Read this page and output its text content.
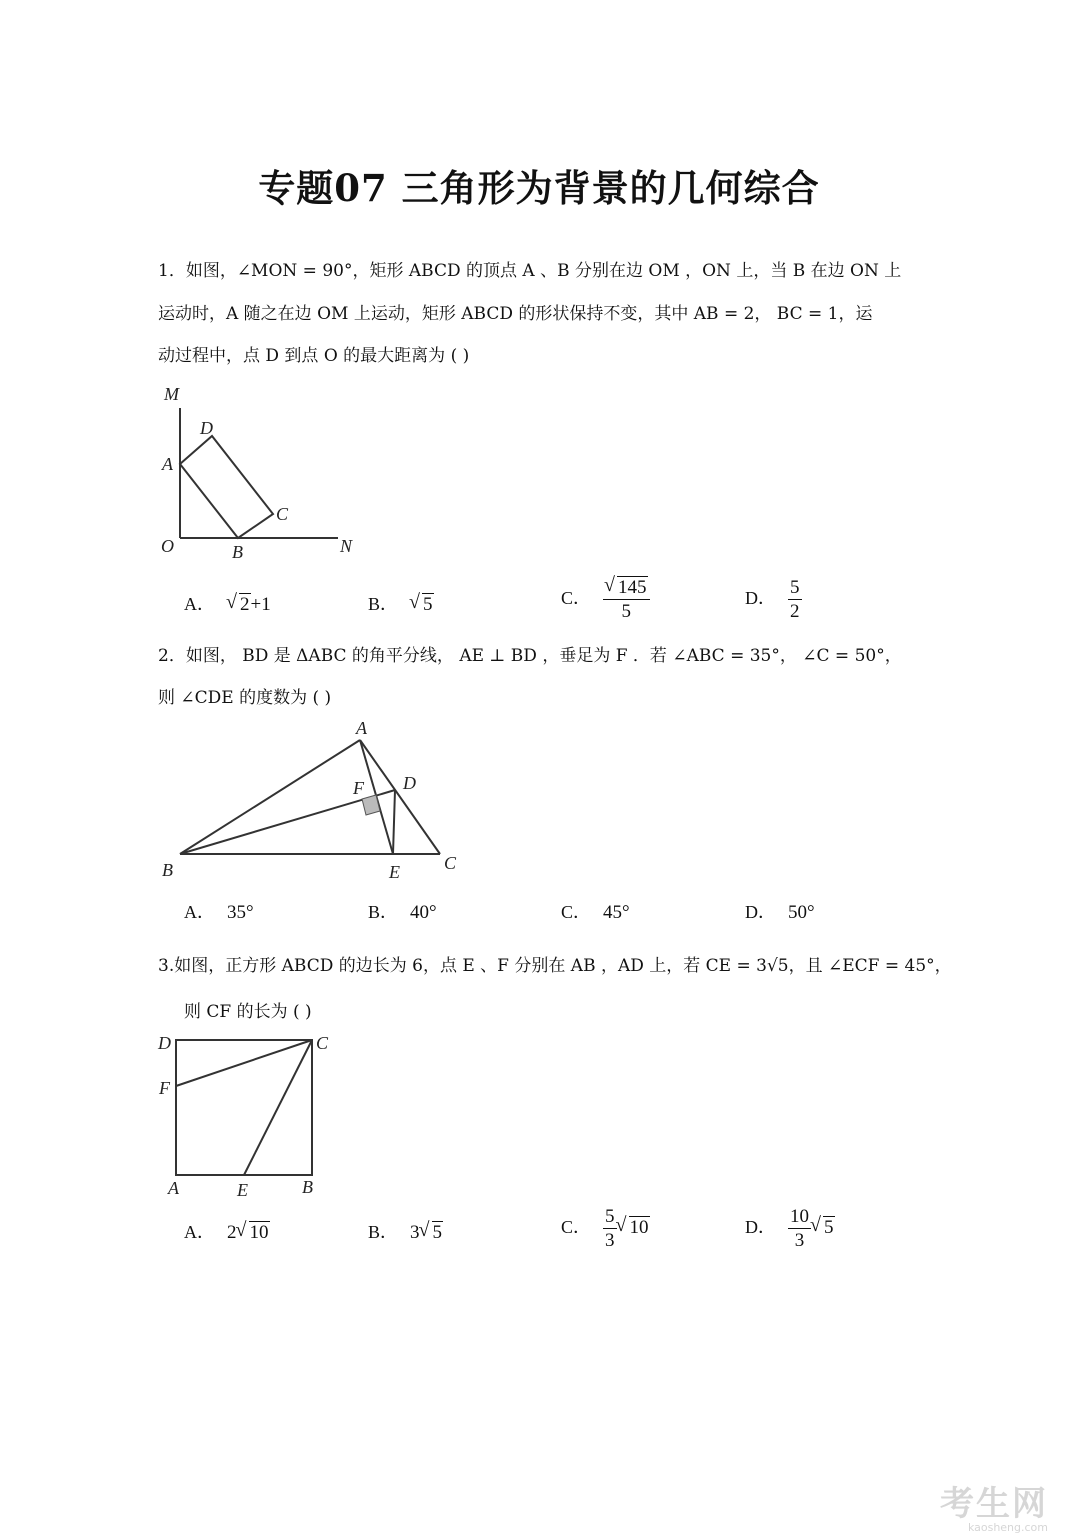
专题07 三角形为背景的几何综合
1．如图，∠MON = 90°，矩形 ABCD 的顶点 A 、B 分别在边 OM ，ON 上，当 B 在边 ON 上
运动时，A 随之在边 OM 上运动，矩形 ABCD 的形状保持不变，其中 AB = 2， BC = 1，运
动过程中，点 D 到点 O 的最大距离为 ( )
M
D
A
C
O	B	N
A． √ 2+1	B． √ 5	C． √ $\frac{145}{5}$	D． $\frac{5}{2}$
2．如图， BD 是 ΔABC 的角平分线， AE ⊥ BD ，垂足为 F ．若 ∠ABC = 35°， ∠C = 50°，
则 ∠CDE 的度数为 ( )
A
F D
B	E C
A． 35°	B． 40°	C． 45°	D． 50°
3.如图，正方形 ABCD 的边长为 6，点 E 、F 分别在 AB ，AD 上，若 CE = 3√5，且 ∠ECF = 45°，
则 CF 的长为 ( )
D	C
F
A	E	B
A． 2 √ 10	B． 3 √ 5	C． $\frac{5}{3}$ √ 10	D． $\frac{10}{3}$ √ 5
考生网
kaosheng.com
